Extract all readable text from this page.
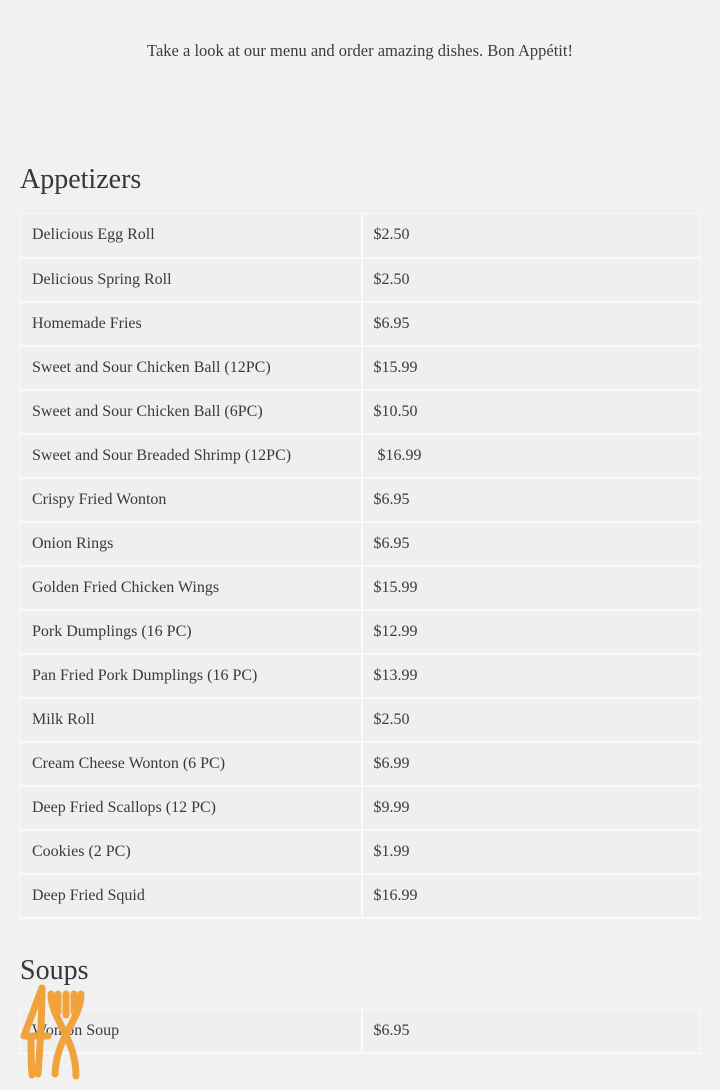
Take a look at our menu and order amazing dishes. Bon Appétit!
Appetizers
Delicious Egg Roll	$2.50
Delicious Spring Roll	$2.50
Homemade Fries	$6.95
Sweet and Sour Chicken Ball (12PC)	$15.99
Sweet and Sour Chicken Ball (6PC)	$10.50
Sweet and Sour Breaded Shrimp (12PC)	$16.99
Crispy Fried Wonton	$6.95
Onion Rings	$6.95
Golden Fried Chicken Wings	$15.99
Pork Dumplings (16 PC)	$12.99
Pan Fried Pork Dumplings (16 PC)	$13.99
Milk Roll	$2.50
Cream Cheese Wonton (6 PC)	$6.99
Deep Fried Scallops (12 PC)	$9.99
Cookies (2 PC)	$1.99
Deep Fried Squid	$16.99
Soups
Wonton Soup	$6.95
